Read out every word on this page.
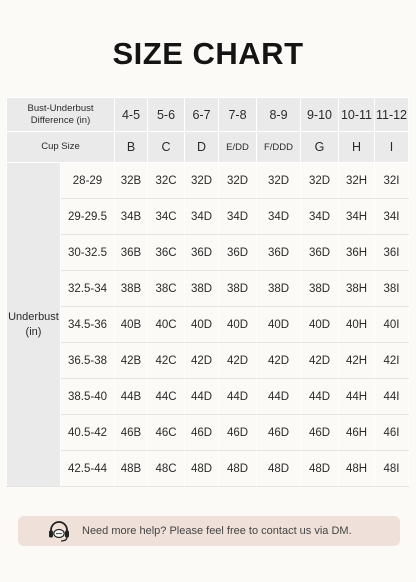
SIZE CHART
Bust-Underbust
Difference (in)		4-5	5-6	6-7	7-8	8-9	9-10	10-11	11-12
Cup Size		B	C	D	E/DD	F/DDD	G	H	I
Underbust
(in)	28-29	32B	32C	32D	32D	32D	32D	32H	32I
	29-29.5	34B	34C	34D	34D	34D	34D	34H	34I
	30-32.5	36B	36C	36D	36D	36D	36D	36H	36I
	32.5-34	38B	38C	38D	38D	38D	38D	38H	38I
	34.5-36	40B	40C	40D	40D	40D	40D	40H	40I
	36.5-38	42B	42C	42D	42D	42D	42D	42H	42I
	38.5-40	44B	44C	44D	44D	44D	44D	44H	44I
	40.5-42	46B	46C	46D	46D	46D	46D	46H	46I
	42.5-44	48B	48C	48D	48D	48D	48D	48H	48I
Need more help? Please feel free to contact us via DM.
